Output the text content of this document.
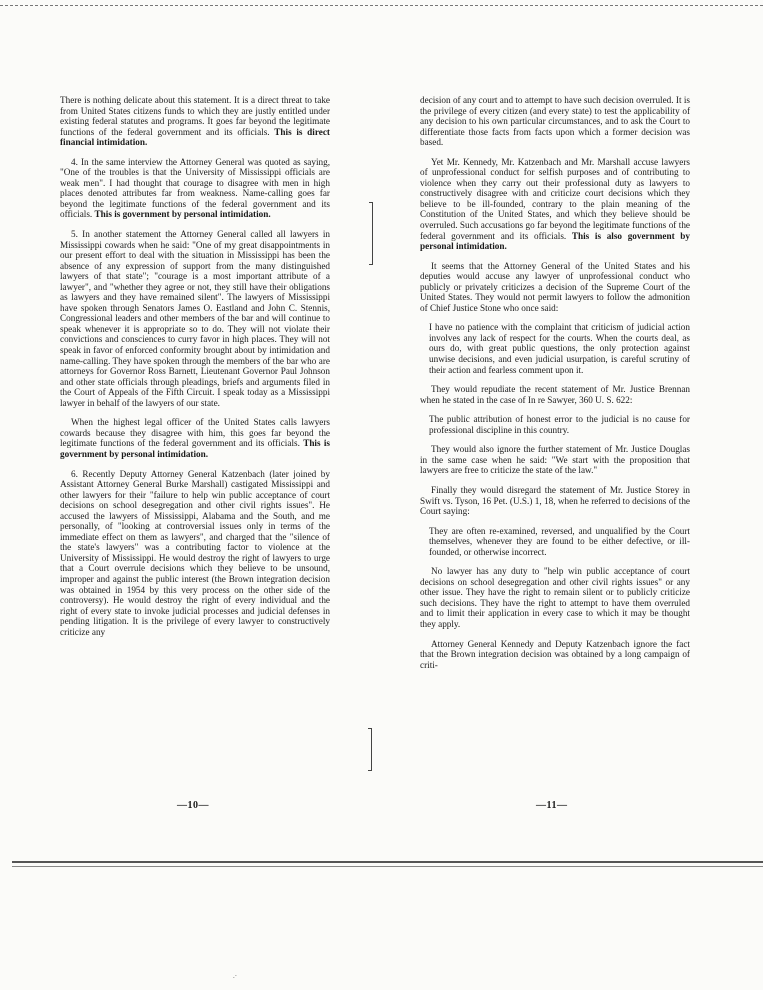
There is nothing delicate about this statement. It is a direct threat to take from United States citizens funds to which they are justly entitled under existing federal statutes and programs. It goes far beyond the legitimate functions of the federal government and its officials. This is direct financial intimidation.

4. In the same interview the Attorney General was quoted as saying, "One of the troubles is that the University of Mississippi officials are weak men". I had thought that courage to disagree with men in high places denoted attributes far from weakness. Name-calling goes far beyond the legitimate functions of the federal government and its officials. This is government by personal intimidation.

5. In another statement the Attorney General called all lawyers in Mississippi cowards when he said: "One of my great disappointments in our present effort to deal with the situation in Mississippi has been the absence of any expression of support from the many distinguished lawyers of that state"; "courage is a most important attribute of a lawyer", and "whether they agree or not, they still have their obligations as lawyers and they have remained silent". The lawyers of Mississippi have spoken through Senators James O. Eastland and John C. Stennis, Congressional leaders and other members of the bar and will continue to speak whenever it is appropriate so to do. They will not violate their convictions and consciences to curry favor in high places. They will not speak in favor of enforced conformity brought about by intimidation and name-calling. They have spoken through the members of the bar who are attorneys for Governor Ross Barnett, Lieutenant Governor Paul Johnson and other state officials through pleadings, briefs and arguments filed in the Court of Appeals of the Fifth Circuit. I speak today as a Mississippi lawyer in behalf of the lawyers of our state.

When the highest legal officer of the United States calls lawyers cowards because they disagree with him, this goes far beyond the legitimate functions of the federal government and its officials. This is government by personal intimidation.

6. Recently Deputy Attorney General Katzenbach (later joined by Assistant Attorney General Burke Marshall) castigated Mississippi and other lawyers for their "failure to help win public acceptance of court decisions on school desegregation and other civil rights issues". He accused the lawyers of Mississippi, Alabama and the South, and me personally, of "looking at controversial issues only in terms of the immediate effect on them as lawyers", and charged that the "silence of the state's lawyers" was a contributing factor to violence at the University of Mississippi. He would destroy the right of lawyers to urge that a Court overrule decisions which they believe to be unsound, improper and against the public interest (the Brown integration decision was obtained in 1954 by this very process on the other side of the controversy). He would destroy the right of every individual and the right of every state to invoke judicial processes and judicial defenses in pending litigation. It is the privilege of every lawyer to constructively criticize any

decision of any court and to attempt to have such decision overruled. It is the privilege of every citizen (and every state) to test the applicability of any decision to his own particular circumstances, and to ask the Court to differentiate those facts from facts upon which a former decision was based.

Yet Mr. Kennedy, Mr. Katzenbach and Mr. Marshall accuse lawyers of unprofessional conduct for selfish purposes and of contributing to violence when they carry out their professional duty as lawyers to constructively disagree with and criticize court decisions which they believe to be ill-founded, contrary to the plain meaning of the Constitution of the United States, and which they believe should be overruled. Such accusations go far beyond the legitimate functions of the federal government and its officials. This is also government by personal intimidation.

It seems that the Attorney General of the United States and his deputies would accuse any lawyer of unprofessional conduct who publicly or privately criticizes a decision of the Supreme Court of the United States. They would not permit lawyers to follow the admonition of Chief Justice Stone who once said:

I have no patience with the complaint that criticism of judicial action involves any lack of respect for the courts. When the courts deal, as ours do, with great public questions, the only protection against unwise decisions, and even judicial usurpation, is careful scrutiny of their action and fearless comment upon it.

They would repudiate the recent statement of Mr. Justice Brennan when he stated in the case of In re Sawyer, 360 U. S. 622:

The public attribution of honest error to the judicial is no cause for professional discipline in this country.

They would also ignore the further statement of Mr. Justice Douglas in the same case when he said: "We start with the proposition that lawyers are free to criticize the state of the law."

Finally they would disregard the statement of Mr. Justice Storey in Swift vs. Tyson, 16 Pet. (U.S.) 1, 18, when he referred to decisions of the Court saying:

They are often re-examined, reversed, and unqualified by the Court themselves, whenever they are found to be either defective, or ill-founded, or otherwise incorrect.

No lawyer has any duty to "help win public acceptance of court decisions on school desegregation and other civil rights issues" or any other issue. They have the right to remain silent or to publicly criticize such decisions. They have the right to attempt to have them overruled and to limit their application in every case to which it may be thought they apply.

Attorney General Kennedy and Deputy Katzenbach ignore the fact that the Brown integration decision was obtained by a long campaign of criti-

—10—	—11—
.·
